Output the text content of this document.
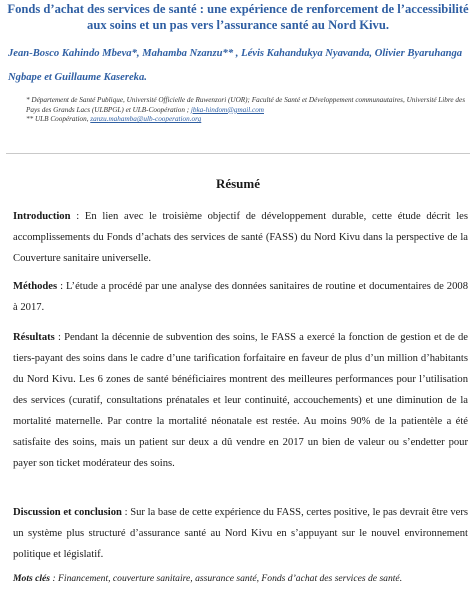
Fonds d’achat des services de santé : une expérience de renforcement de l’accessibilité aux soins et un pas vers l’assurance santé au Nord Kivu.
Jean-Bosco Kahindo Mbeva*, Mahamba Nzanzu** , Lévis Kahandukya Nyavanda, Olivier Byaruhanga Ngbape et Guillaume Kasereka.
* Département de Santé Publique, Université Officielle de Ruwenzori (UOR); Faculté de Santé et Développement communautaires, Université Libre des Pays des Grands Lacs (ULBPGL) et ULB-Coopération ; jbka-hindom@gmail.com
** ULB Coopération, zanzu.mahamba@ulb-cooperation.org
Résumé

Introduction : En lien avec le troisième objectif de développement durable, cette étude décrit les accomplissements du Fonds d’achats des services de santé (FASS) du Nord Kivu dans la perspective de la Couverture sanitaire universelle.

Méthodes : L’étude a procédé par une analyse des données sanitaires de routine et documentaires de 2008 à 2017.

Résultats : Pendant la décennie de subvention des soins, le FASS a exercé la fonction de gestion et de de tiers-payant des soins dans le cadre d’une tarification forfaitaire en faveur de plus d’un million d’habitants du Nord Kivu. Les 6 zones de santé bénéficiaires montrent des meilleures performances pour l’utilisation des services (curatif, consultations prénatales et leur continuité, accouchements) et une diminution de la mortalité maternelle. Par contre la mortalité néonatale est restée. Au moins 90% de la patientèle a été satisfaite des soins, mais un patient sur deux a dû vendre en 2017 un bien de valeur ou s’endetter pour payer son ticket modérateur des soins.

Discussion et conclusion : Sur la base de cette expérience du FASS, certes positive, le pas devrait être vers un système plus structuré d’assurance santé au Nord Kivu en s’appuyant sur le nouvel environnement politique et législatif.

Mots clés : Financement, couverture sanitaire, assurance santé, Fonds d’achat des services de santé.
